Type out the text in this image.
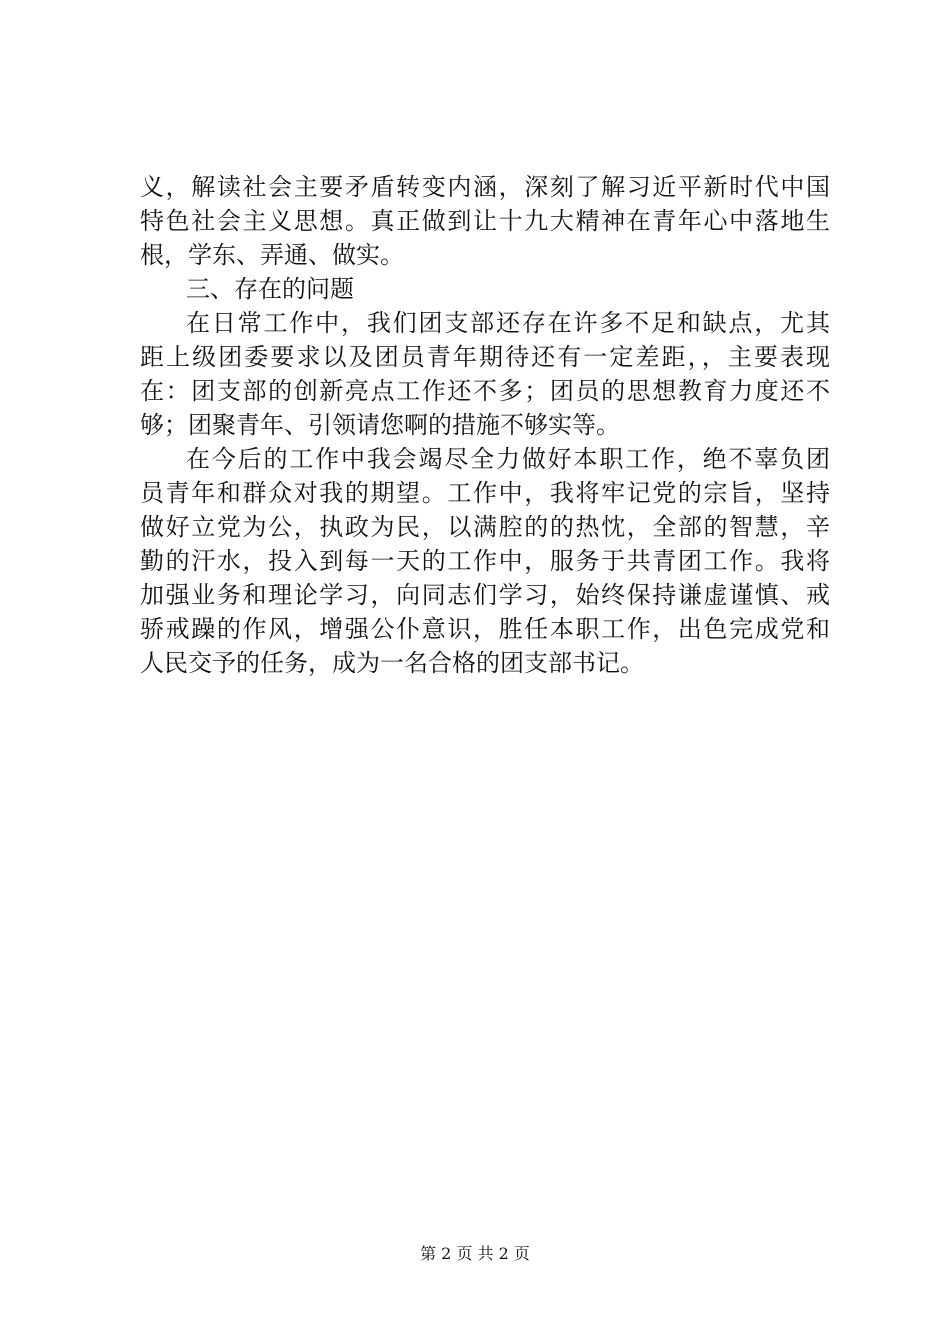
义，解读社会主要矛盾转变内涵，深刻了解习近平新时代中国
特色社会主义思想。真正做到让十九大精神在青年心中落地生
根，学东、弄通、做实。
三、存在的问题
在日常工作中，我们团支部还存在许多不足和缺点，尤其
距上级团委要求以及团员青年期待还有一定差距，，主要表现
在：团支部的创新亮点工作还不多；团员的思想教育力度还不
够；团聚青年、引领请您啊的措施不够实等。
在今后的工作中我会竭尽全力做好本职工作，绝不辜负团
员青年和群众对我的期望。工作中，我将牢记党的宗旨，坚持
做好立党为公，执政为民，以满腔的的热忱，全部的智慧，辛
勤的汗水，投入到每一天的工作中，服务于共青团工作。我将
加强业务和理论学习，向同志们学习，始终保持谦虚谨慎、戒
骄戒躁的作风，增强公仆意识，胜任本职工作，出色完成党和
人民交予的任务，成为一名合格的团支部书记。
第 2 页 共 2 页
